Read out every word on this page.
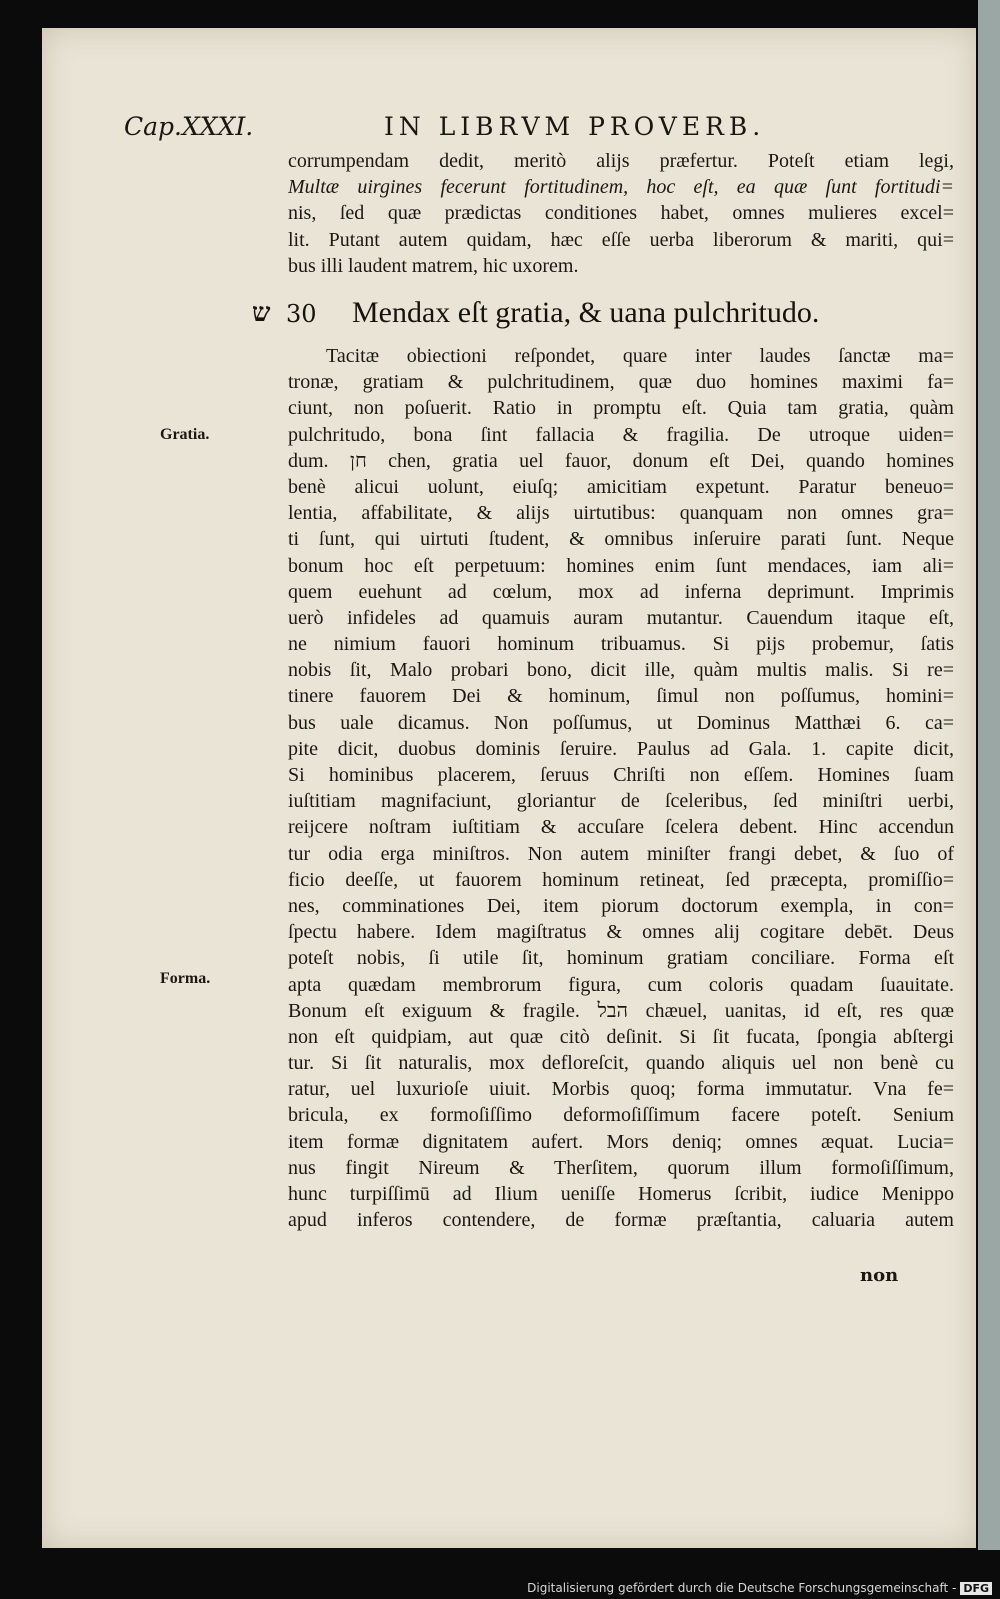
Cap.XXXI.	IN LIBRVM PROVERB.
corrumpendam dedit, meritò alijs præfertur. Poteſt etiam legi,
Multæ uirgines fecerunt fortitudinem, hoc eſt, ea quæ ſunt fortitudi=
nis, ſed quæ prædictas conditiones habet, omnes mulieres excel=
lit. Putant autem quidam, hæc eſſe uerba liberorum & mariti, qui=
bus illi laudent matrem, hic uxorem.
ש 30 Mendax eſt gratia, & uana pulchritudo.
Gratia.
Forma.
Tacitæ obiectioni reſpondet, quare inter laudes ſanctæ ma=
tronæ, gratiam & pulchritudinem, quæ duo homines maximi fa=
ciunt, non poſuerit. Ratio in promptu eſt. Quia tam gratia, quàm
pulchritudo, bona ſint fallacia & fragilia. De utroque uiden=
dum. חן chen, gratia uel fauor, donum eſt Dei, quando homines
benè alicui uolunt, eiuſq; amicitiam expetunt. Paratur beneuo=
lentia, affabilitate, & alijs uirtutibus: quanquam non omnes gra=
ti ſunt, qui uirtuti ſtudent, & omnibus inſeruire parati ſunt. Neque
bonum hoc eſt perpetuum: homines enim ſunt mendaces, iam ali=
quem euehunt ad cœlum, mox ad inferna deprimunt. Imprimis
uerò infideles ad quamuis auram mutantur. Cauendum itaque eſt,
ne nimium fauori hominum tribuamus. Si pijs probemur, ſatis
nobis ſit, Malo probari bono, dicit ille, quàm multis malis. Si re=
tinere fauorem Dei & hominum, ſimul non poſſumus, homini=
bus uale dicamus. Non poſſumus, ut Dominus Matthæi 6. ca=
pite dicit, duobus dominis ſeruire. Paulus ad Gala. 1. capite dicit,
Si hominibus placerem, ſeruus Chriſti non eſſem. Homines ſuam
iuſtitiam magnifaciunt, gloriantur de ſceleribus, ſed miniſtri uerbi,
reijcere noſtram iuſtitiam & accuſare ſcelera debent. Hinc accendun
tur odia erga miniſtros. Non autem miniſter frangi debet, & ſuo of
ficio deeſſe, ut fauorem hominum retineat, ſed præcepta, promiſſio=
nes, comminationes Dei, item piorum doctorum exempla, in con=
ſpectu habere. Idem magiſtratus & omnes alij cogitare debēt. Deus
poteſt nobis, ſi utile ſit, hominum gratiam conciliare. Forma eſt
apta quædam membrorum figura, cum coloris quadam ſuauitate.
Bonum eſt exiguum & fragile. הבל chæuel, uanitas, id eſt, res quæ
non eſt quidpiam, aut quæ citò deſinit. Si ſit fucata, ſpongia abſtergi
tur. Si ſit naturalis, mox defloreſcit, quando aliquis uel non benè cu
ratur, uel luxurioſe uiuit. Morbis quoq; forma immutatur. Vna fe=
bricula, ex formoſiſſimo deformoſiſſimum facere poteſt. Senium
item formæ dignitatem aufert. Mors deniq; omnes æquat. Lucia=
nus fingit Nireum & Therſitem, quorum illum formoſiſſimum,
hunc turpiſſimū ad Ilium ueniſſe Homerus ſcribit, iudice Menippo
apud inferos contendere, de formæ præſtantia, caluaria autem
non
Digitalisierung gefördert durch die Deutsche Forschungsgemeinschaft - DFG
